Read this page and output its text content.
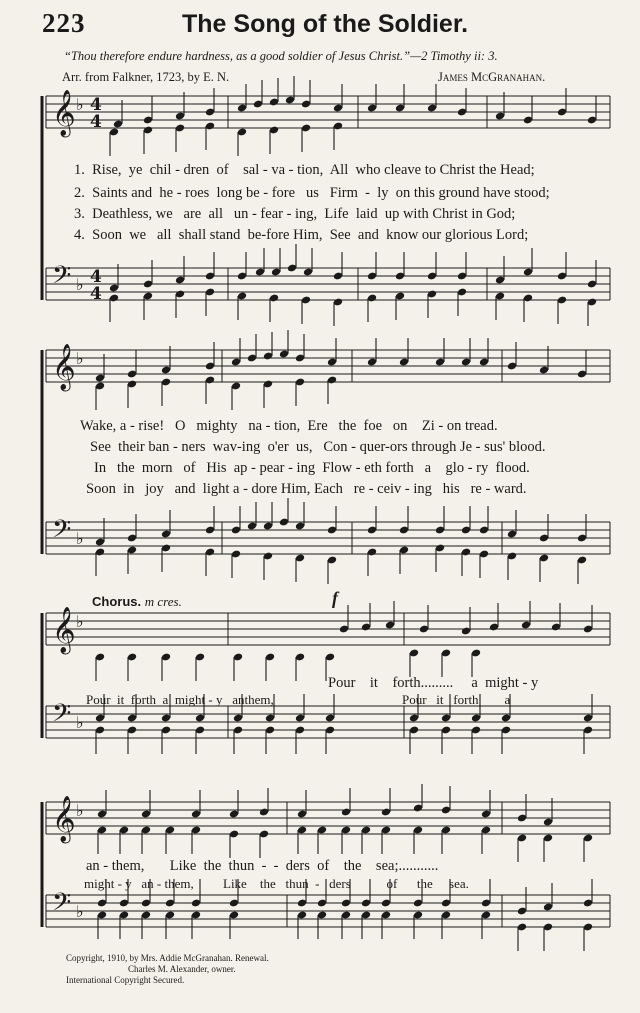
223	The Song of the Soldier.
“Thou therefore endure hardness, as a good soldier of Jesus Christ.”—2 Timothy ii: 3.
Arr. from Falkner, 1723, by E. N.	James McGranahan.
𝄞 ♭
𝄢 ♭
𝄞 ♭
𝄢 ♭
𝄞 ♭
𝄢 ♭
𝄞 ♭
𝄢 ♭
4
4
4
4
1.  Rise,  ye  chil - dren  of    sal - va - tion,  All  who cleave to Christ the Head;
2.  Saints and  he - roes  long be - fore   us   Firm  -  ly  on this ground have stood;
3.  Deathless, we   are  all   un - fear - ing,  Life  laid  up with Christ in God;
4.  Soon  we   all  shall stand  be-fore Him,  See  and  know our glorious Lord;
Wake, a - rise!   O   mighty   na - tion,  Ere   the  foe   on    Zi - on tread.
See  their ban - ners  wav-ing  o'er  us,   Con - quer-ors through Je - sus' blood.
In   the  morn   of   His  ap - pear - ing  Flow - eth forth   a    glo - ry  flood.
Soon  in   joy   and  light a - dore Him, Each   re - ceiv - ing   his   re - ward.
Chorus. m cres.	f
Pour    it    forth.........     a  might - y
Pour  it  forth  a  might - y   anthem,	Pour   it   forth        a
an - them,       Like  the  thun  -  -  ders  of    the    sea;...........
might - y   an - them,         Like    the   thun  -   ders           of      the     sea.
Copyright, 1910, by Mrs. Addie McGranahan. Renewal.

Charles M. Alexander, owner.
International Copyright Secured.
